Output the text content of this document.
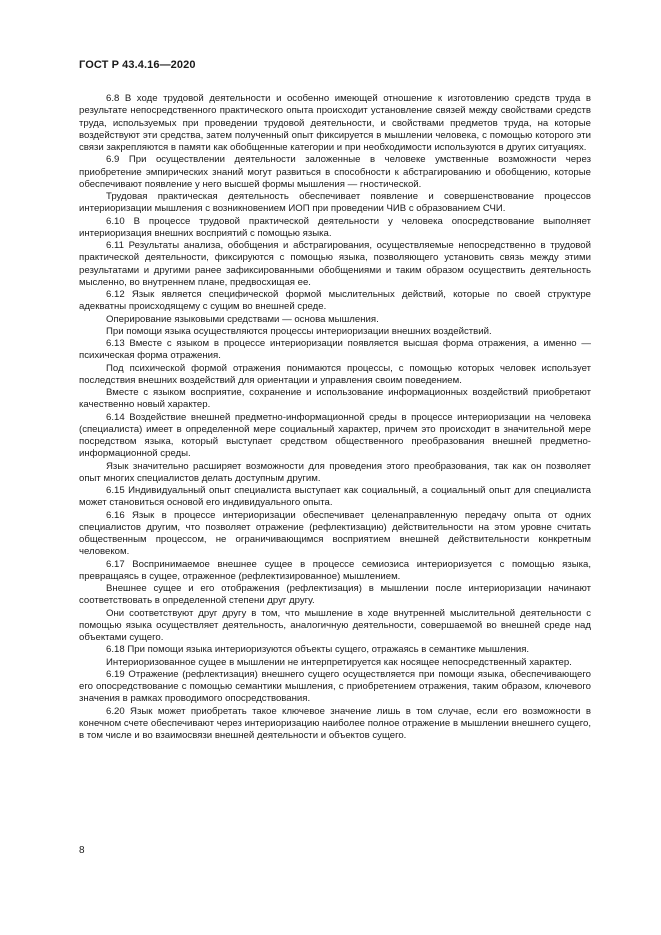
ГОСТ Р 43.4.16—2020

6.8 В ходе трудовой деятельности и особенно имеющей отношение к изготовлению средств труда в результате непосредственного практического опыта происходит установление связей между свойствами средств труда, используемых при проведении трудовой деятельности, и свойствами предметов труда, на которые воздействуют эти средства, затем полученный опыт фиксируется в мышлении человека, с помощью которого эти связи закрепляются в памяти как обобщенные категории и при необходимости используются в других ситуациях.

6.9 При осуществлении деятельности заложенные в человеке умственные возможности через приобретение эмпирических знаний могут развиться в способности к абстрагированию и обобщению, которые обеспечивают появление у него высшей формы мышления — гностической.

Трудовая практическая деятельность обеспечивает появление и совершенствование процессов интериоризации мышления с возникновением ИОП при проведении ЧИВ с образованием СЧИ.

6.10 В процессе трудовой практической деятельности у человека опосредствование выполняет интериоризация внешних восприятий с помощью языка.

6.11 Результаты анализа, обобщения и абстрагирования, осуществляемые непосредственно в трудовой практической деятельности, фиксируются с помощью языка, позволяющего установить связь между этими результатами и другими ранее зафиксированными обобщениями и таким образом осуществить деятельность мысленно, во внутреннем плане, предвосхищая ее.

6.12 Язык является специфической формой мыслительных действий, которые по своей структуре адекватны происходящему с сущим во внешней среде.

Оперирование языковыми средствами — основа мышления.

При помощи языка осуществляются процессы интериоризации внешних воздействий.

6.13 Вместе с языком в процессе интериоризации появляется высшая форма отражения, а именно — психическая форма отражения.

Под психической формой отражения понимаются процессы, с помощью которых человек использует последствия внешних воздействий для ориентации и управления своим поведением.

Вместе с языком восприятие, сохранение и использование информационных воздействий приобретают качественно новый характер.

6.14 Воздействие внешней предметно-информационной среды в процессе интериоризации на человека (специалиста) имеет в определенной мере социальный характер, причем это происходит в значительной мере посредством языка, который выступает средством общественного преобразования внешней предметно-информационной среды.

Язык значительно расширяет возможности для проведения этого преобразования, так как он позволяет опыт многих специалистов делать доступным другим.

6.15 Индивидуальный опыт специалиста выступает как социальный, а социальный опыт для специалиста может становиться основой его индивидуального опыта.

6.16 Язык в процессе интериоризации обеспечивает целенаправленную передачу опыта от одних специалистов другим, что позволяет отражение (рефлектизацию) действительности на этом уровне считать общественным процессом, не ограничивающимся восприятием внешней действительности конкретным человеком.

6.17 Воспринимаемое внешнее сущее в процессе семиозиса интериоризуется с помощью языка, превращаясь в сущее, отраженное (рефлектизированное) мышлением.

Внешнее сущее и его отображения (рефлектизация) в мышлении после интериоризации начинают соответствовать в определенной степени друг другу.

Они соответствуют друг другу в том, что мышление в ходе внутренней мыслительной деятельности с помощью языка осуществляет деятельность, аналогичную деятельности, совершаемой во внешней среде над объектами сущего.

6.18 При помощи языка интериоризуются объекты сущего, отражаясь в семантике мышления.

Интериоризованное сущее в мышлении не интерпретируется как носящее непосредственный характер.

6.19 Отражение (рефлектизация) внешнего сущего осуществляется при помощи языка, обеспечивающего его опосредствование с помощью семантики мышления, с приобретением отражения, таким образом, ключевого значения в рамках проводимого опосредствования.

6.20 Язык может приобретать такое ключевое значение лишь в том случае, если его возможности в конечном счете обеспечивают через интериоризацию наиболее полное отражение в мышлении внешнего сущего, в том числе и во взаимосвязи внешней деятельности и объектов сущего.

8
